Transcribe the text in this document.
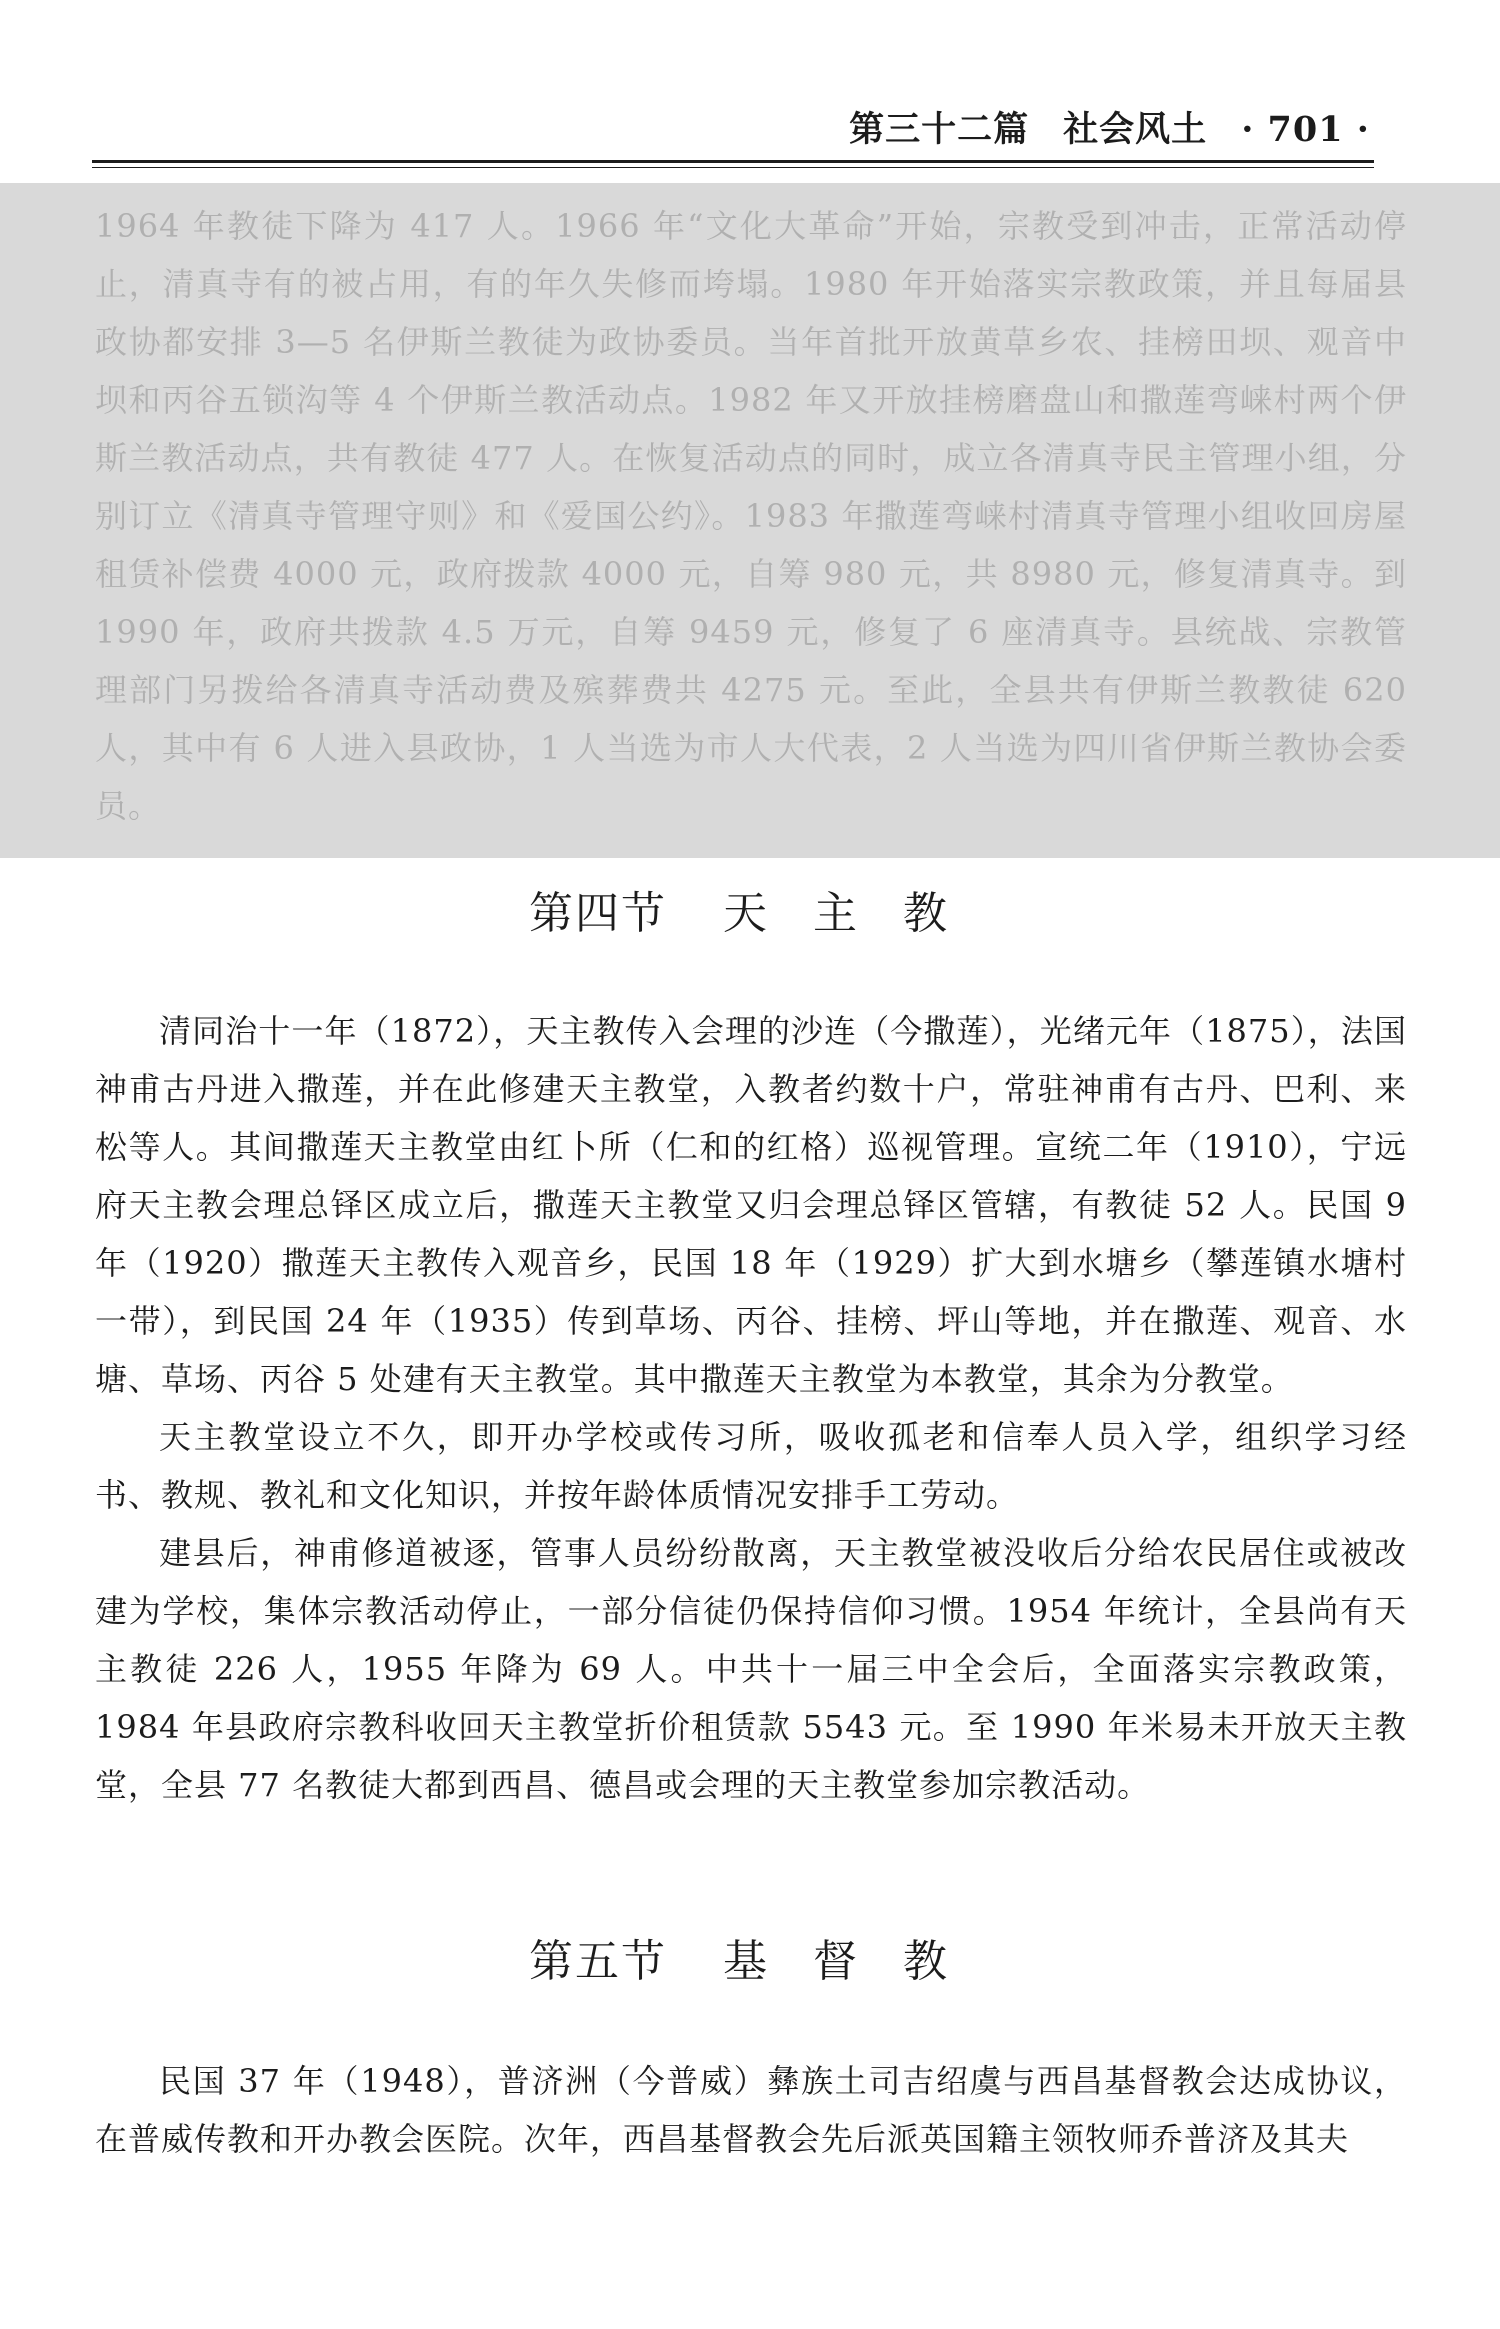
第三十二篇 社会风土 · 701 ·

1964 年教徒下降为 417 人。1966 年“文化大革命”开始，宗教受到冲击，正常活动停止，清真寺有的被占用，有的年久失修而垮塌。1980 年开始落实宗教政策，并且每届县政协都安排 3—5 名伊斯兰教徒为政协委员。当年首批开放黄草乡农、挂榜田坝、观音中坝和丙谷五锁沟等 4 个伊斯兰教活动点。1982 年又开放挂榜磨盘山和撒莲弯崃村两个伊斯兰教活动点，共有教徒 477 人。在恢复活动点的同时，成立各清真寺民主管理小组，分别订立《清真寺管理守则》和《爱国公约》。1983 年撒莲弯崃村清真寺管理小组收回房屋租赁补偿费 4000 元，政府拨款 4000 元，自筹 980 元，共 8980 元，修复清真寺。到 1990 年，政府共拨款 4.5 万元，自筹 9459 元，修复了 6 座清真寺。县统战、宗教管理部门另拨给各清真寺活动费及殡葬费共 4275 元。至此，全县共有伊斯兰教教徒 620 人，其中有 6 人进入县政协，1 人当选为市人大代表，2 人当选为四川省伊斯兰教协会委员。

第四节 天 主 教

清同治十一年（1872），天主教传入会理的沙连（今撒莲），光绪元年（1875），法国神甫古丹进入撒莲，并在此修建天主教堂，入教者约数十户，常驻神甫有古丹、巴利、来松等人。其间撒莲天主教堂由红卜所（仁和的红格）巡视管理。宣统二年（1910），宁远府天主教会理总铎区成立后，撒莲天主教堂又归会理总铎区管辖，有教徒 52 人。民国 9 年（1920）撒莲天主教传入观音乡，民国 18 年（1929）扩大到水塘乡（攀莲镇水塘村一带），到民国 24 年（1935）传到草场、丙谷、挂榜、坪山等地，并在撒莲、观音、水塘、草场、丙谷 5 处建有天主教堂。其中撒莲天主教堂为本教堂，其余为分教堂。

天主教堂设立不久，即开办学校或传习所，吸收孤老和信奉人员入学，组织学习经书、教规、教礼和文化知识，并按年龄体质情况安排手工劳动。

建县后，神甫修道被逐，管事人员纷纷散离，天主教堂被没收后分给农民居住或被改建为学校，集体宗教活动停止，一部分信徒仍保持信仰习惯。1954 年统计，全县尚有天主教徒 226 人，1955 年降为 69 人。中共十一届三中全会后，全面落实宗教政策，1984 年县政府宗教科收回天主教堂折价租赁款 5543 元。至 1990 年米易未开放天主教堂，全县 77 名教徒大都到西昌、德昌或会理的天主教堂参加宗教活动。

第五节 基 督 教

民国 37 年（1948），普济洲（今普威）彝族土司吉绍虞与西昌基督教会达成协议，在普威传教和开办教会医院。次年，西昌基督教会先后派英国籍主领牧师乔普济及其夫
